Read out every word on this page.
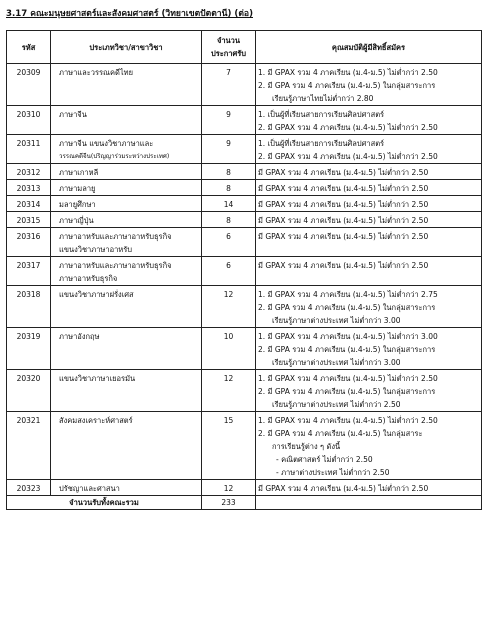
3.17 คณะมนุษยศาสตร์และสังคมศาสตร์ (วิทยาเขตปัตตานี) (ต่อ)
รหัส	ประเภทวิชา/สาขาวิชา	จำนวน
ประกาศรับ	คุณสมบัติผู้มีสิทธิ์สมัคร

20309	ภาษาและวรรณคดีไทย	7	1. มี GPAX รวม 4 ภาคเรียน (ม.4-ม.5) ไม่ต่ำกว่า 2.50
2. มี GPA รวม 4 ภาคเรียน (ม.4-ม.5) ในกลุ่มสาระการ
เรียนรู้ภาษาไทยไม่ต่ำกว่า 2.80

20310	ภาษาจีน	9	1. เป็นผู้ที่เรียนสายการเรียนศิลปศาสตร์
2. มี GPAX รวม 4 ภาคเรียน (ม.4-ม.5) ไม่ต่ำกว่า 2.50

20311	ภาษาจีน แขนงวิชาภาษาและ
วรรณคดีจีน(ปริญญาร่วมระหว่างประเทศ)	9	1. เป็นผู้ที่เรียนสายการเรียนศิลปศาสตร์
2. มี GPAX รวม 4 ภาคเรียน (ม.4-ม.5) ไม่ต่ำกว่า 2.50

20312	ภาษาเกาหลี	8	มี GPAX รวม 4 ภาคเรียน (ม.4-ม.5) ไม่ต่ำกว่า 2.50

20313	ภาษามลายู	8	มี GPAX รวม 4 ภาคเรียน (ม.4-ม.5) ไม่ต่ำกว่า 2.50

20314	มลายูศึกษา	14	มี GPAX รวม 4 ภาคเรียน (ม.4-ม.5) ไม่ต่ำกว่า 2.50

20315	ภาษาญี่ปุ่น	8	มี GPAX รวม 4 ภาคเรียน (ม.4-ม.5) ไม่ต่ำกว่า 2.50

20316	ภาษาอาหรับและภาษาอาหรับธุรกิจ
แขนงวิชาภาษาอาหรับ	6	มี GPAX รวม 4 ภาคเรียน (ม.4-ม.5) ไม่ต่ำกว่า 2.50

20317	ภาษาอาหรับและภาษาอาหรับธุรกิจ
ภาษาอาหรับธุรกิจ	6	มี GPAX รวม 4 ภาคเรียน (ม.4-ม.5) ไม่ต่ำกว่า 2.50

20318	แขนงวิชาภาษาฝรั่งเศส	12	1. มี GPAX รวม 4 ภาคเรียน (ม.4-ม.5) ไม่ต่ำกว่า 2.75
2. มี GPA รวม 4 ภาคเรียน (ม.4-ม.5) ในกลุ่มสาระการ
เรียนรู้ภาษาต่างประเทศ ไม่ต่ำกว่า 3.00

20319	ภาษาอังกฤษ	10	1. มี GPAX รวม 4 ภาคเรียน (ม.4-ม.5) ไม่ต่ำกว่า 3.00
2. มี GPA รวม 4 ภาคเรียน (ม.4-ม.5) ในกลุ่มสาระการ
เรียนรู้ภาษาต่างประเทศ ไม่ต่ำกว่า 3.00

20320	แขนงวิชาภาษาเยอรมัน	12	1. มี GPAX รวม 4 ภาคเรียน (ม.4-ม.5) ไม่ต่ำกว่า 2.50
2. มี GPA รวม 4 ภาคเรียน (ม.4-ม.5) ในกลุ่มสาระการ
เรียนรู้ภาษาต่างประเทศ ไม่ต่ำกว่า 2.50

20321	สังคมสงเคราะห์ศาสตร์	15	1. มี GPAX รวม 4 ภาคเรียน (ม.4-ม.5) ไม่ต่ำกว่า 2.50
2. มี GPA รวม 4 ภาคเรียน (ม.4-ม.5) ในกลุ่มสาระ
การเรียนรู้ต่าง ๆ ดังนี้
- คณิตศาสตร์ ไม่ต่ำกว่า 2.50
- ภาษาต่างประเทศ ไม่ต่ำกว่า 2.50

20323	ปรัชญาและศาสนา	12	มี GPAX รวม 4 ภาคเรียน (ม.4-ม.5) ไม่ต่ำกว่า 2.50

จำนวนรับทั้งคณะรวม		233	
